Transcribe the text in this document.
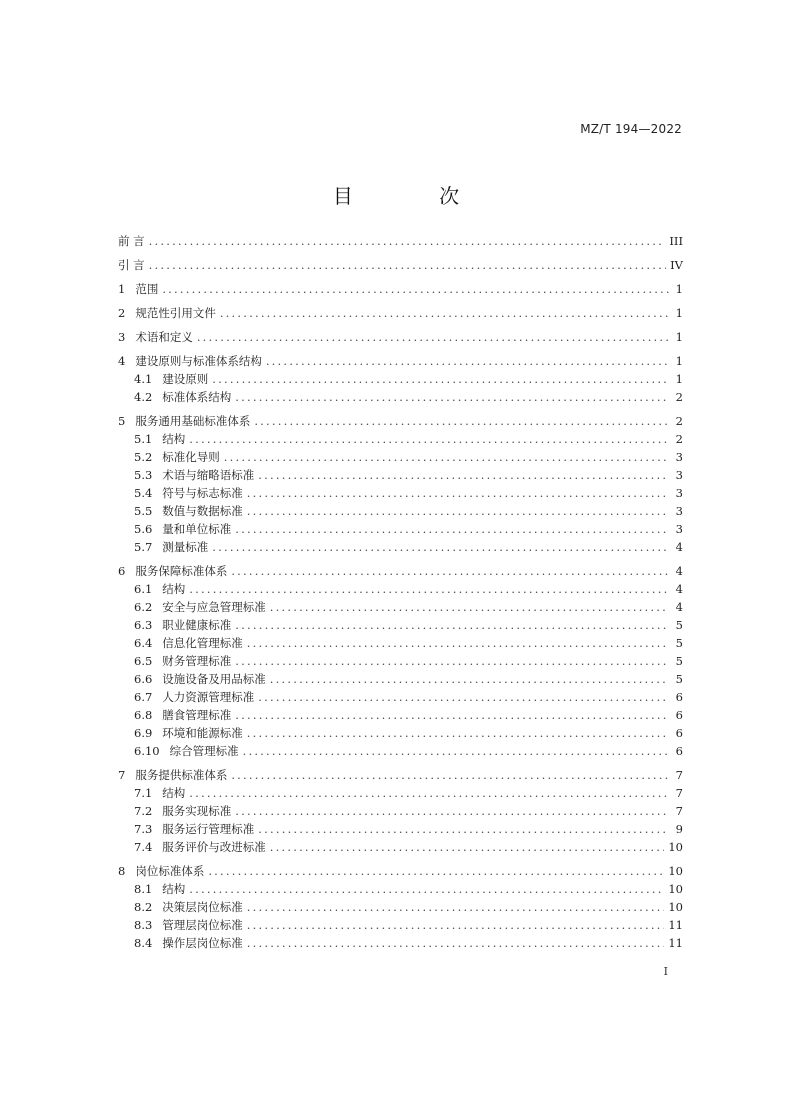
MZ/T 194—2022
目 次
前 言 .....	III
引 言 .....	IV
1 范围 .....	1
2 规范性引用文件 .....	1
3 术语和定义 .....	1
4 建设原则与标准体系结构 .....	1
4.1 建设原则 .....	1
4.2 标准体系结构 .....	2
5 服务通用基础标准体系 .....	2
5.1 结构 .....	2
5.2 标准化导则 .....	3
5.3 术语与缩略语标准 .....	3
5.4 符号与标志标准 .....	3
5.5 数值与数据标准 .....	3
5.6 量和单位标准 .....	3
5.7 测量标准 .....	4
6 服务保障标准体系 .....	4
6.1 结构 .....	4
6.2 安全与应急管理标准 .....	4
6.3 职业健康标准 .....	5
6.4 信息化管理标准 .....	5
6.5 财务管理标准 .....	5
6.6 设施设备及用品标准 .....	5
6.7 人力资源管理标准 .....	6
6.8 膳食管理标准 .....	6
6.9 环境和能源标准 .....	6
6.10 综合管理标准 .....	6
7 服务提供标准体系 .....	7
7.1 结构 .....	7
7.2 服务实现标准 .....	7
7.3 服务运行管理标准 .....	9
7.4 服务评价与改进标准 .....	10
8 岗位标准体系 .....	10
8.1 结构 .....	10
8.2 决策层岗位标准 .....	10
8.3 管理层岗位标准 .....	11
8.4 操作层岗位标准 .....	11
I
